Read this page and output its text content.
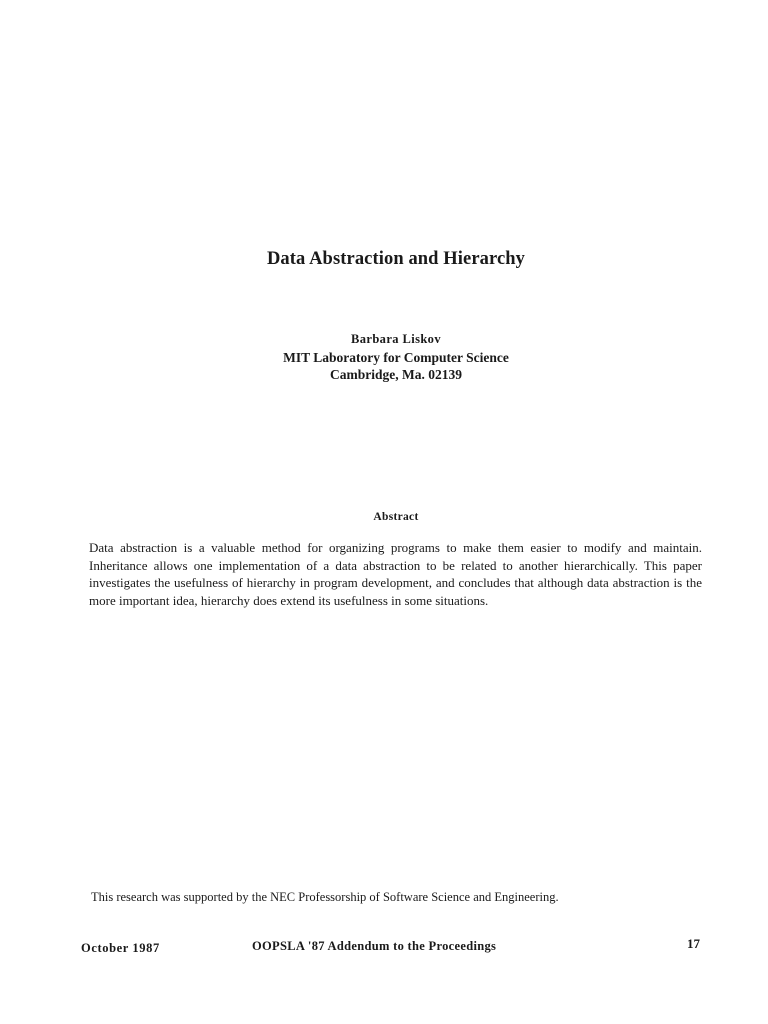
Data Abstraction and Hierarchy
Barbara Liskov
MIT Laboratory for Computer Science
Cambridge, Ma. 02139
Abstract

Data abstraction is a valuable method for organizing programs to make them easier to modify and maintain. Inheritance allows one implementation of a data abstraction to be related to another hierarchically. This paper investigates the usefulness of hierarchy in program development, and concludes that although data abstraction is the more important idea, hierarchy does extend its usefulness in some situations.

This research was supported by the NEC Professorship of Software Science and Engineering.
October 1987	OOPSLA '87 Addendum to the Proceedings	17
